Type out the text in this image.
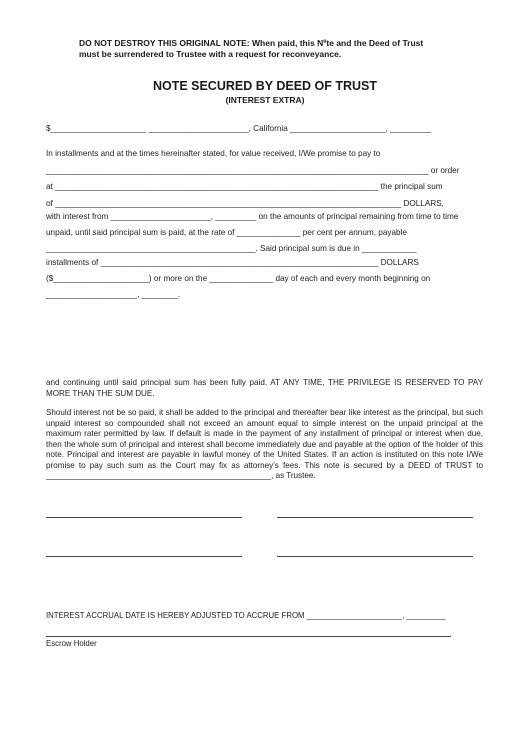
DO NOT DESTROY THIS ORIGINAL NOTE: When paid, this Nºte and the Deed of Trust
must be surrendered to Trustee with a request for reconveyance.
NOTE SECURED BY DEED OF TRUST
(INTEREST EXTRA)
$_____________________ ______________________, California _____________________, _________
In installments and at the times hereinafter stated, for value received, I/We promise to pay to
____________________________________________________________________________________ or order
at _______________________________________________________________________ the principal sum
of ____________________________________________________________________________ DOLLARS,
with interest from ______________________, _________ on the amounts of principal remaining from time to time
unpaid, until said principal sum is paid, at the rate of ______________ per cent per annum, payable
______________________________________________. Said principal sum is due in ____________
installments of _____________________________________________________________ DOLLARS
($_____________________) or more on the ______________ day of each and every month beginning on
____________________, ________.
and continuing until said principal sum has been fully paid. AT ANY TIME, THE PRIVILEGE IS RESERVED TO PAY MORE THAN THE SUM DUE.
Should interest not be so paid, it shall be added to the principal and thereafter bear like interest as the principal, but such unpaid interest so compounded shall not exceed an amount equal to simple interest on the unpaid principal at the maximum rater permitted by law. If default is made in the payment of any installment of principal or interest when due, then the whole sum of principal and interest shall become immediately due and payable at the option of the holder of this note. Principal and interest are payable in lawful money of the United States. If an action is instituted on this note I/We promise to pay such sum as the Court may fix as attorney’s fees. This note is secured by a DEED of TRUST to __________________________________________________, as Trustee.
INTEREST ACCRUAL DATE IS HEREBY ADJUSTED TO ACCRUE FROM ______________________, _________
Escrow Holder
